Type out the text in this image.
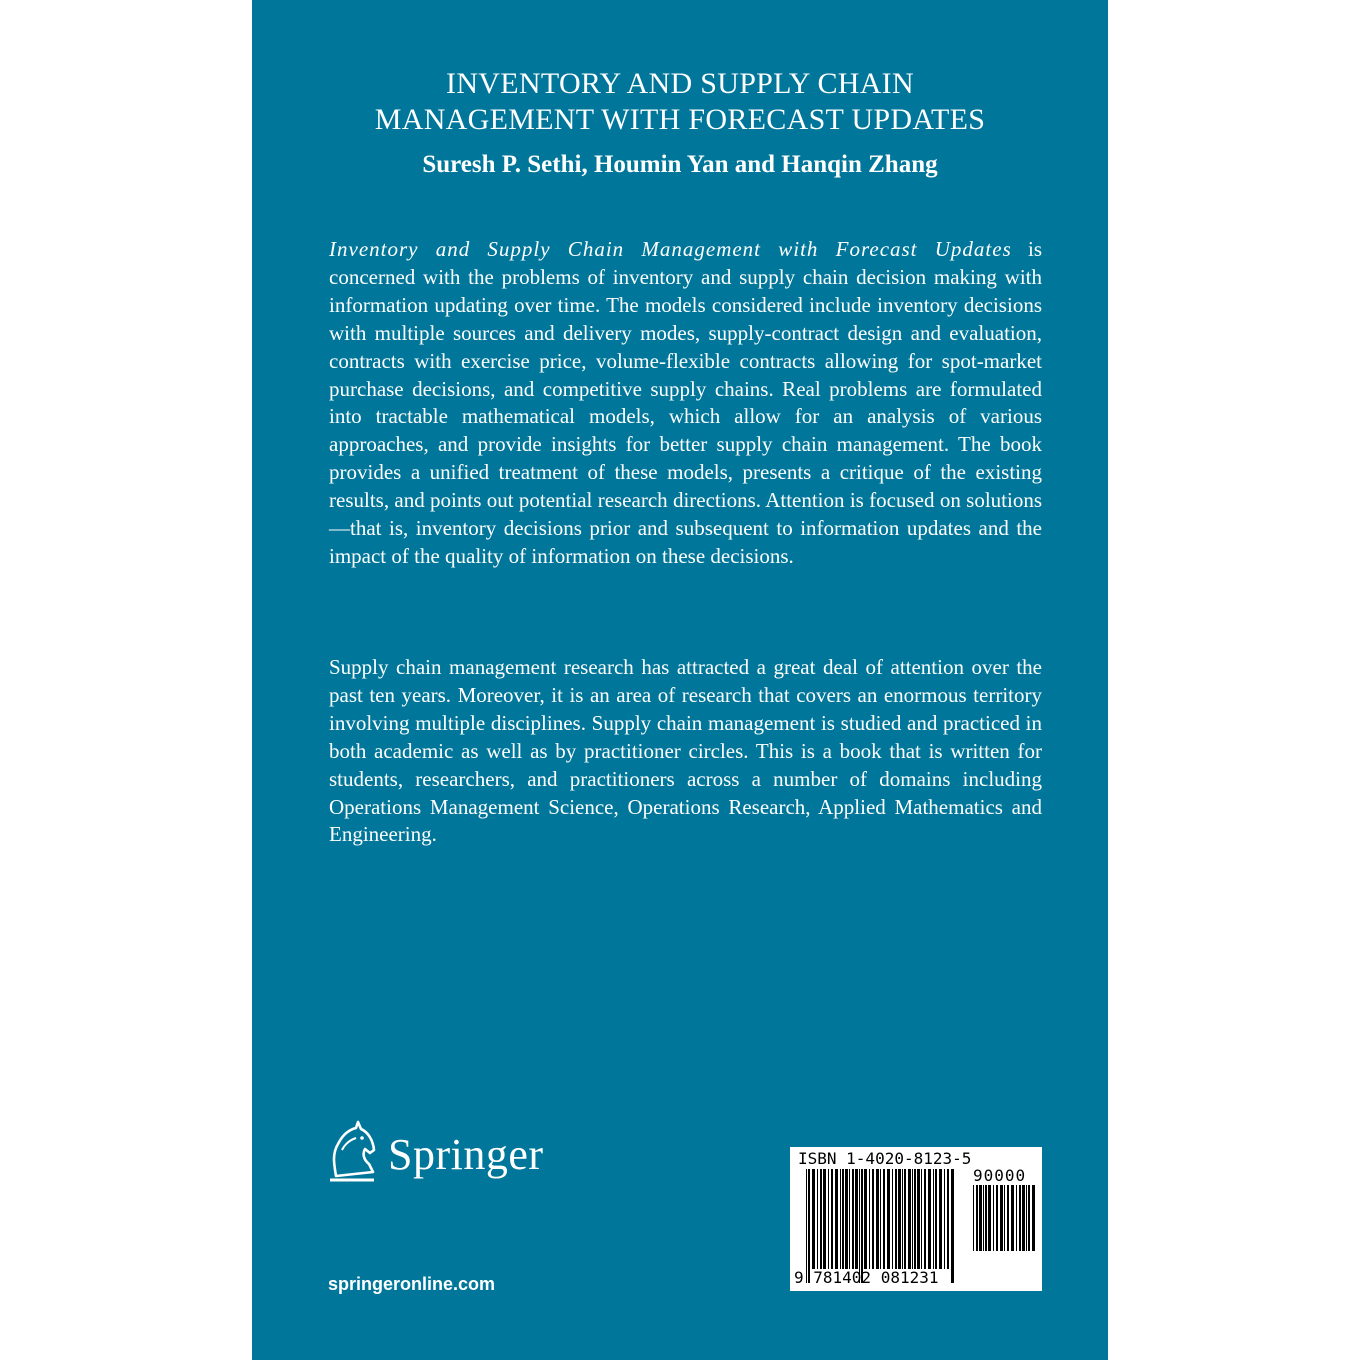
INVENTORY AND SUPPLY CHAIN
MANAGEMENT WITH FORECAST UPDATES
Suresh P. Sethi, Houmin Yan and Hanqin Zhang

Inventory and Supply Chain Management with Forecast Updates is concerned with the problems of inventory and supply chain decision making with information updating over time. The models considered include inventory decisions with multiple sources and delivery modes, supply-contract design and evaluation, contracts with exercise price, volume-flexible contracts allowing for spot-market purchase decisions, and competitive supply chains. Real problems are formulated into tractable mathematical models, which allow for an analysis of various approaches, and provide insights for better supply chain management. The book provides a unified treatment of these models, presents a critique of the existing results, and points out potential research directions. Attention is focused on solutions—that is, inventory decisions prior and subsequent to information updates and the impact of the quality of information on these decisions.

Supply chain management research has attracted a great deal of attention over the past ten years. Moreover, it is an area of research that covers an enormous territory involving multiple disciplines. Supply chain management is studied and practiced in both academic as well as by practitioner circles. This is a book that is written for students, researchers, and practitioners across a number of domains including Operations Management Science, Operations Research, Applied Mathematics and Engineering.

Springer
springeronline.com
ISBN 1-4020-8123-5
90000
9 781402 081231
